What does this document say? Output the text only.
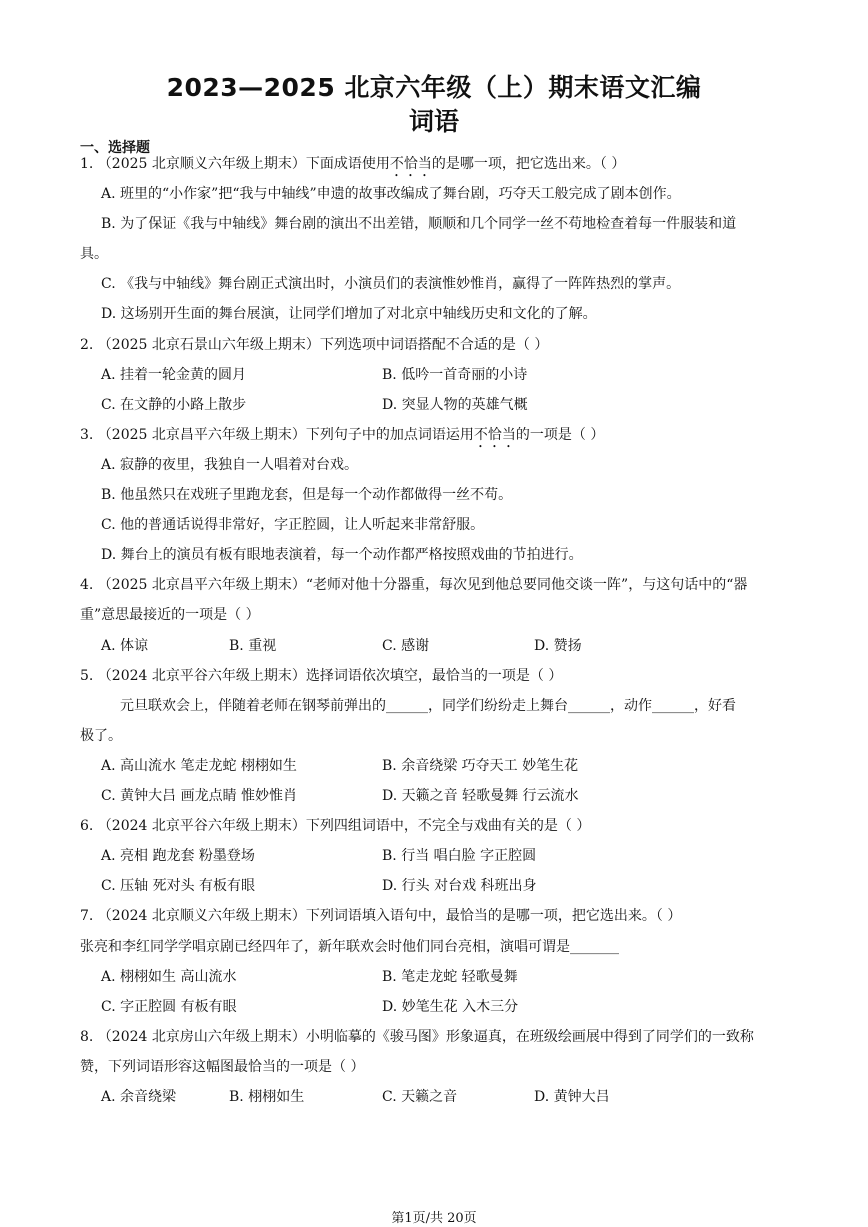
2023—2025 北京六年级（上）期末语文汇编
词语
一、选择题
1. （2025 北京顺义六年级上期末）下面成语使用不恰当的是哪一项，把它选出来。（ ）
A. 班里的“小作家”把“我与中轴线”申遗的故事改编成了舞台剧，巧夺天工般完成了剧本创作。
B. 为了保证《我与中轴线》舞台剧的演出不出差错，顺顺和几个同学一丝不苟地检查着每一件服装和道
具。
C. 《我与中轴线》舞台剧正式演出时，小演员们的表演惟妙惟肖，赢得了一阵阵热烈的掌声。
D. 这场别开生面的舞台展演，让同学们增加了对北京中轴线历史和文化的了解。
2. （2025 北京石景山六年级上期末）下列选项中词语搭配不合适的是（ ）
A. 挂着一轮金黄的圆月	B. 低吟一首奇丽的小诗
C. 在文静的小路上散步	D. 突显人物的英雄气概
3. （2025 北京昌平六年级上期末）下列句子中的加点词语运用不恰当的一项是（ ）
A. 寂静的夜里，我独自一人唱着对台戏。
B. 他虽然只在戏班子里跑龙套，但是每一个动作都做得一丝不苟。
C. 他的普通话说得非常好，字正腔圆，让人听起来非常舒服。
D. 舞台上的演员有板有眼地表演着，每一个动作都严格按照戏曲的节拍进行。
4. （2025 北京昌平六年级上期末）“老师对他十分器重，每次见到他总要同他交谈一阵”，与这句话中的“器
重”意思最接近的一项是（ ）
A. 体谅	B. 重视	C. 感谢	D. 赞扬
5. （2024 北京平谷六年级上期末）选择词语依次填空，最恰当的一项是（ ）
元旦联欢会上，伴随着老师在钢琴前弹出的______，同学们纷纷走上舞台______，动作______，好看
极了。
A. 高山流水 笔走龙蛇 栩栩如生	B. 余音绕梁 巧夺天工 妙笔生花
C. 黄钟大吕 画龙点睛 惟妙惟肖	D. 天籁之音 轻歌曼舞 行云流水
6. （2024 北京平谷六年级上期末）下列四组词语中，不完全与戏曲有关的是（ ）
A. 亮相 跑龙套 粉墨登场	B. 行当 唱白脸 字正腔圆
C. 压轴 死对头 有板有眼	D. 行头 对台戏 科班出身
7. （2024 北京顺义六年级上期末）下列词语填入语句中，最恰当的是哪一项，把它选出来。（ ）
张亮和李红同学学唱京剧已经四年了，新年联欢会时他们同台亮相，演唱可谓是_______
A. 栩栩如生 高山流水	B. 笔走龙蛇 轻歌曼舞
C. 字正腔圆 有板有眼	D. 妙笔生花 入木三分
8. （2024 北京房山六年级上期末）小明临摹的《骏马图》形象逼真，在班级绘画展中得到了同学们的一致称
赞，下列词语形容这幅图最恰当的一项是（ ）
A. 余音绕梁	B. 栩栩如生	C. 天籁之音	D. 黄钟大吕
第1页/共 20页
